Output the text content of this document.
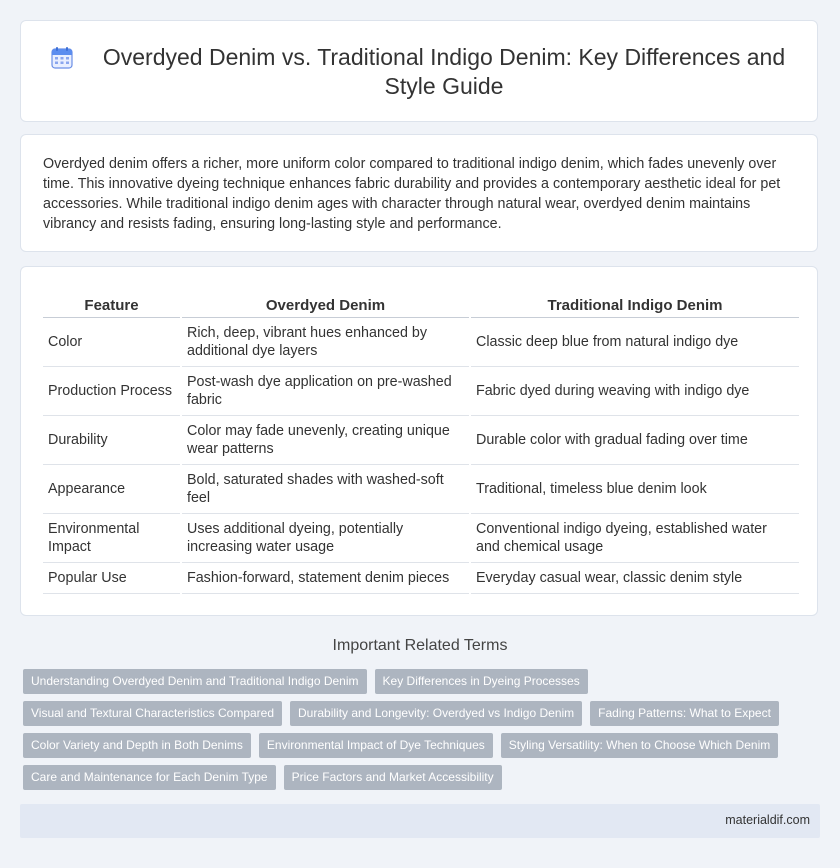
Overdyed Denim vs. Traditional Indigo Denim: Key Differences and Style Guide

Overdyed denim offers a richer, more uniform color compared to traditional indigo denim, which fades unevenly over time. This innovative dyeing technique enhances fabric durability and provides a contemporary aesthetic ideal for pet accessories. While traditional indigo denim ages with character through natural wear, overdyed denim maintains vibrancy and resists fading, ensuring long-lasting style and performance.

Feature	Overdyed Denim	Traditional Indigo Denim
Color	Rich, deep, vibrant hues enhanced by additional dye layers	Classic deep blue from natural indigo dye
Production Process	Post-wash dye application on pre-washed fabric	Fabric dyed during weaving with indigo dye
Durability	Color may fade unevenly, creating unique wear patterns	Durable color with gradual fading over time
Appearance	Bold, saturated shades with washed-soft feel	Traditional, timeless blue denim look
Environmental Impact	Uses additional dyeing, potentially increasing water usage	Conventional indigo dyeing, established water and chemical usage
Popular Use	Fashion-forward, statement denim pieces	Everyday casual wear, classic denim style
Important Related Terms
Understanding Overdyed Denim and Traditional Indigo Denim	Key Differences in Dyeing Processes
Visual and Textural Characteristics Compared	Durability and Longevity: Overdyed vs Indigo Denim	Fading Patterns: What to Expect
Color Variety and Depth in Both Denims	Environmental Impact of Dye Techniques	Styling Versatility: When to Choose Which Denim
Care and Maintenance for Each Denim Type	Price Factors and Market Accessibility
materialdif.com
